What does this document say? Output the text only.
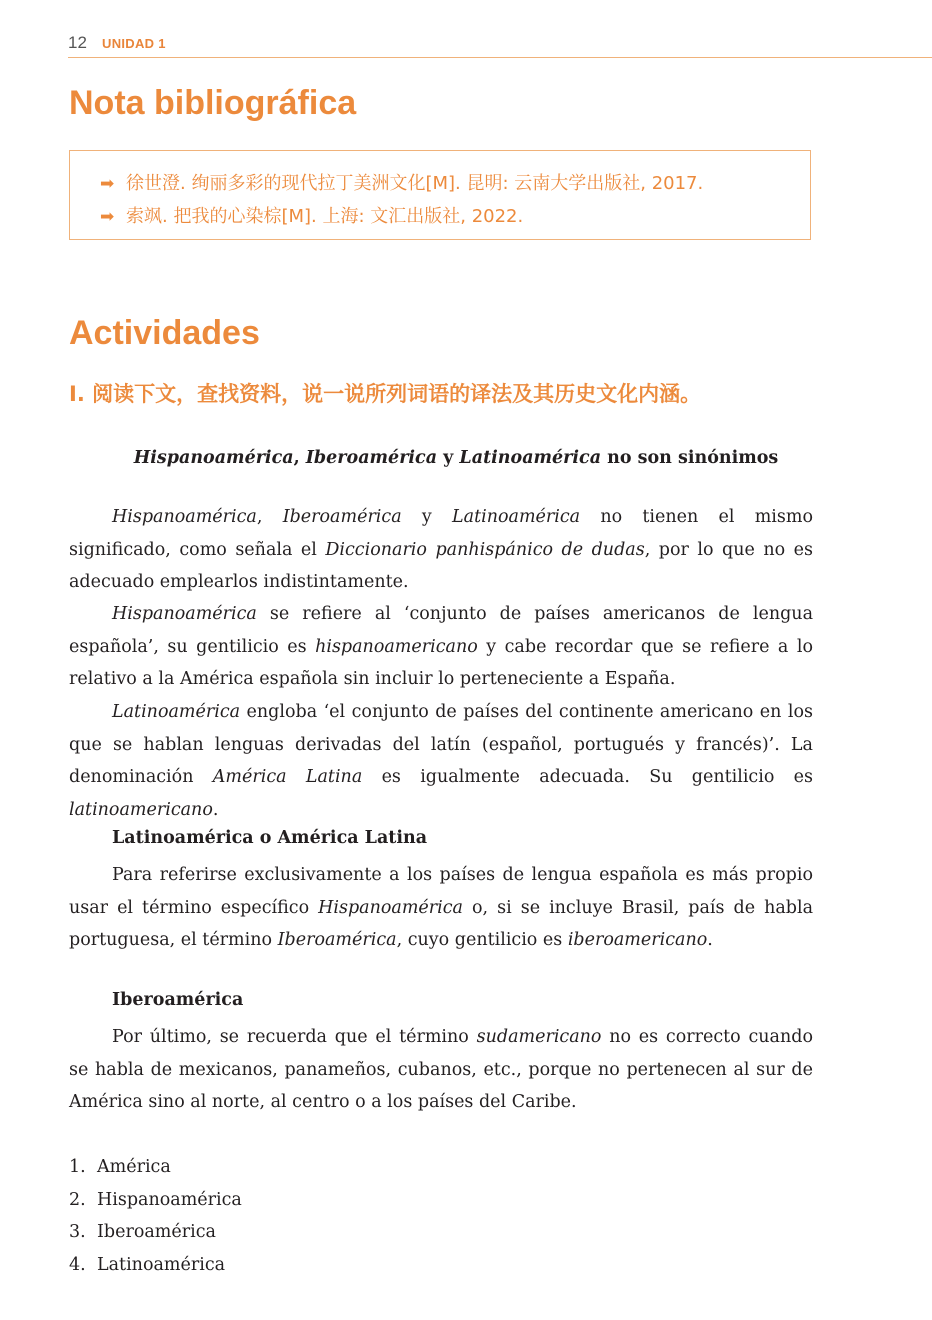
12 UNIDAD 1
Nota bibliográfica
➡ 徐世澄. 绚丽多彩的现代拉丁美洲文化[M]. 昆明: 云南大学出版社, 2017.
➡ 索飒. 把我的心染棕[M]. 上海: 文汇出版社, 2022.
Actividades
I. 阅读下文，查找资料，说一说所列词语的译法及其历史文化内涵。
Hispanoamérica, Iberoamérica y Latinoamérica no son sinónimos

Hispanoamérica, Iberoamérica y Latinoamérica no tienen el mismo significado, como señala el Diccionario panhispánico de dudas, por lo que no es adecuado emplearlos indistintamente.

Hispanoamérica se refiere al ‘conjunto de países americanos de lengua española’, su gentilicio es hispanoamericano y cabe recordar que se refiere a lo relativo a la América española sin incluir lo perteneciente a España.

Latinoamérica engloba ‘el conjunto de países del continente americano en los que se hablan lenguas derivadas del latín (español, portugués y francés)’. La denominación América Latina es igualmente adecuada. Su gentilicio es latinoamericano.

Latinoamérica o América Latina

Para referirse exclusivamente a los países de lengua española es más propio usar el término específico Hispanoamérica o, si se incluye Brasil, país de habla portuguesa, el término Iberoamérica, cuyo gentilicio es iberoamericano.

Iberoamérica

Por último, se recuerda que el término sudamericano no es correcto cuando se habla de mexicanos, panameños, cubanos, etc., porque no pertenecen al sur de América sino al norte, al centro o a los países del Caribe.

1. América
2. Hispanoamérica
3. Iberoamérica
4. Latinoamérica
